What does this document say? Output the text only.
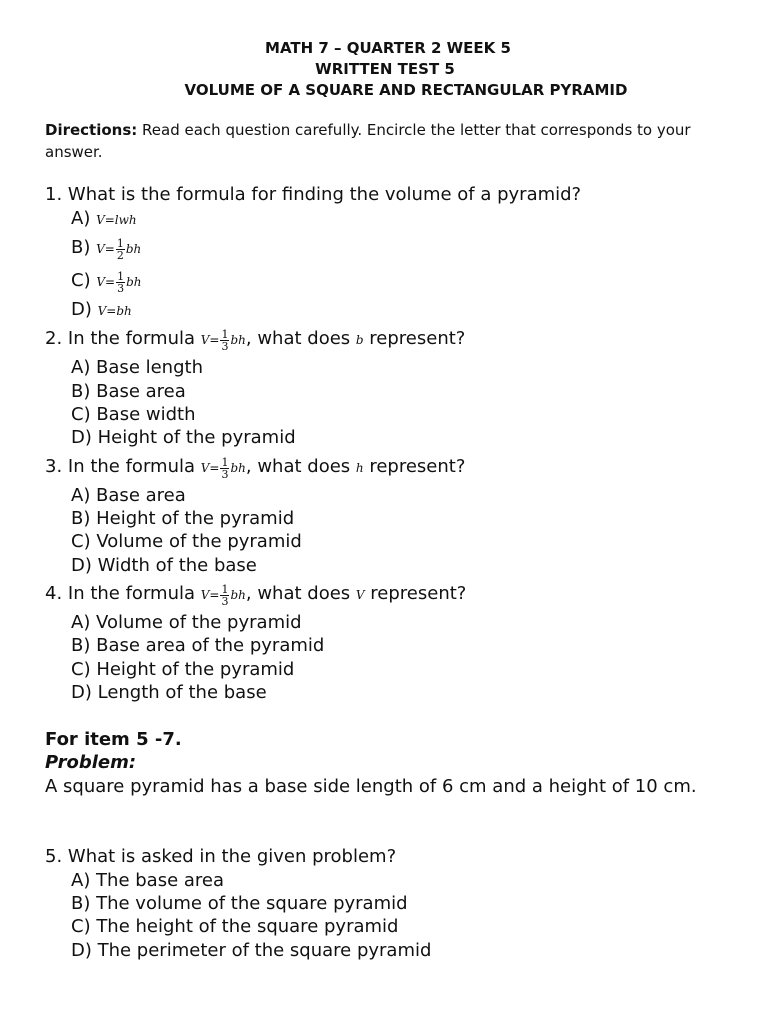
MATH 7 – QUARTER 2 WEEK 5
WRITTEN TEST 5
VOLUME OF A SQUARE AND RECTANGULAR PYRAMID
Directions: Read each question carefully. Encircle the letter that corresponds to your answer.
1. What is the formula for finding the volume of a pyramid?
A) V=lwh
B) $V= \frac{1}{2}$ bh
C) $V= \frac{1}{3}$ bh
D) V=bh
2. In the formula $V= \frac{1}{3}$ bh, what does b represent?
A) Base length
B) Base area
C) Base width
D) Height of the pyramid
3. In the formula $V= \frac{1}{3}$ bh, what does h represent?
A) Base area
B) Height of the pyramid
C) Volume of the pyramid
D) Width of the base
4. In the formula $V= \frac{1}{3}$ bh, what does V represent?
A) Volume of the pyramid
B) Base area of the pyramid
C) Height of the pyramid
D) Length of the base
For item 5 -7.
Problem:
A square pyramid has a base side length of 6 cm and a height of 10 cm.
5. What is asked in the given problem?
A) The base area
B) The volume of the square pyramid
C) The height of the square pyramid
D) The perimeter of the square pyramid
